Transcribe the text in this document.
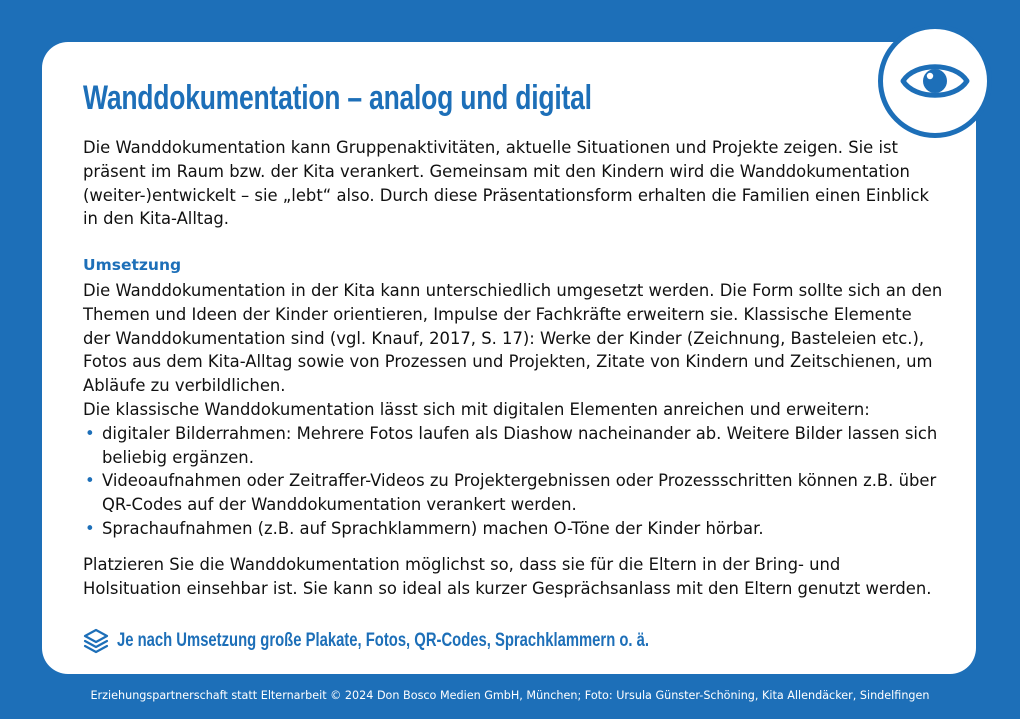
Wanddokumentation – analog und digital

Die Wanddokumentation kann Gruppenaktivitäten, aktuelle Situationen und Projekte zeigen. Sie ist präsent im Raum bzw. der Kita verankert. Gemeinsam mit den Kindern wird die Wanddokumentation (weiter-)entwickelt – sie „lebt“ also. Durch diese Präsentationsform erhalten die Familien einen Einblick in den Kita-Alltag.

Umsetzung

Die Wanddokumentation in der Kita kann unterschiedlich umgesetzt werden. Die Form sollte sich an den Themen und Ideen der Kinder orientieren, Impulse der Fachkräfte erweitern sie. Klassische Elemente der Wanddokumentation sind (vgl. Knauf, 2017, S. 17): Werke der Kinder (Zeichnung, Basteleien etc.), Fotos aus dem Kita-Alltag sowie von Prozessen und Projekten, Zitate von Kindern und Zeitschienen, um Abläufe zu verbildlichen.

Die klassische Wanddokumentation lässt sich mit digitalen Elementen anreichen und erweitern:

• digitaler Bilderrahmen: Mehrere Fotos laufen als Diashow nacheinander ab. Weitere Bilder lassen sich beliebig ergänzen.
• Videoaufnahmen oder Zeitraffer-Videos zu Projektergebnissen oder Prozessschritten können z.B. über QR-Codes auf der Wanddokumentation verankert werden.
• Sprachaufnahmen (z.B. auf Sprachklammern) machen O-Töne der Kinder hörbar.

Platzieren Sie die Wanddokumentation möglichst so, dass sie für die Eltern in der Bring- und Holsituation einsehbar ist. Sie kann so ideal als kurzer Gesprächsanlass mit den Eltern genutzt werden.

Je nach Umsetzung große Plakate, Fotos, QR-Codes, Sprachklammern o. ä.
Erziehungspartnerschaft statt Elternarbeit © 2024 Don Bosco Medien GmbH, München; Foto: Ursula Günster-Schöning, Kita Allendäcker, Sindelfingen
